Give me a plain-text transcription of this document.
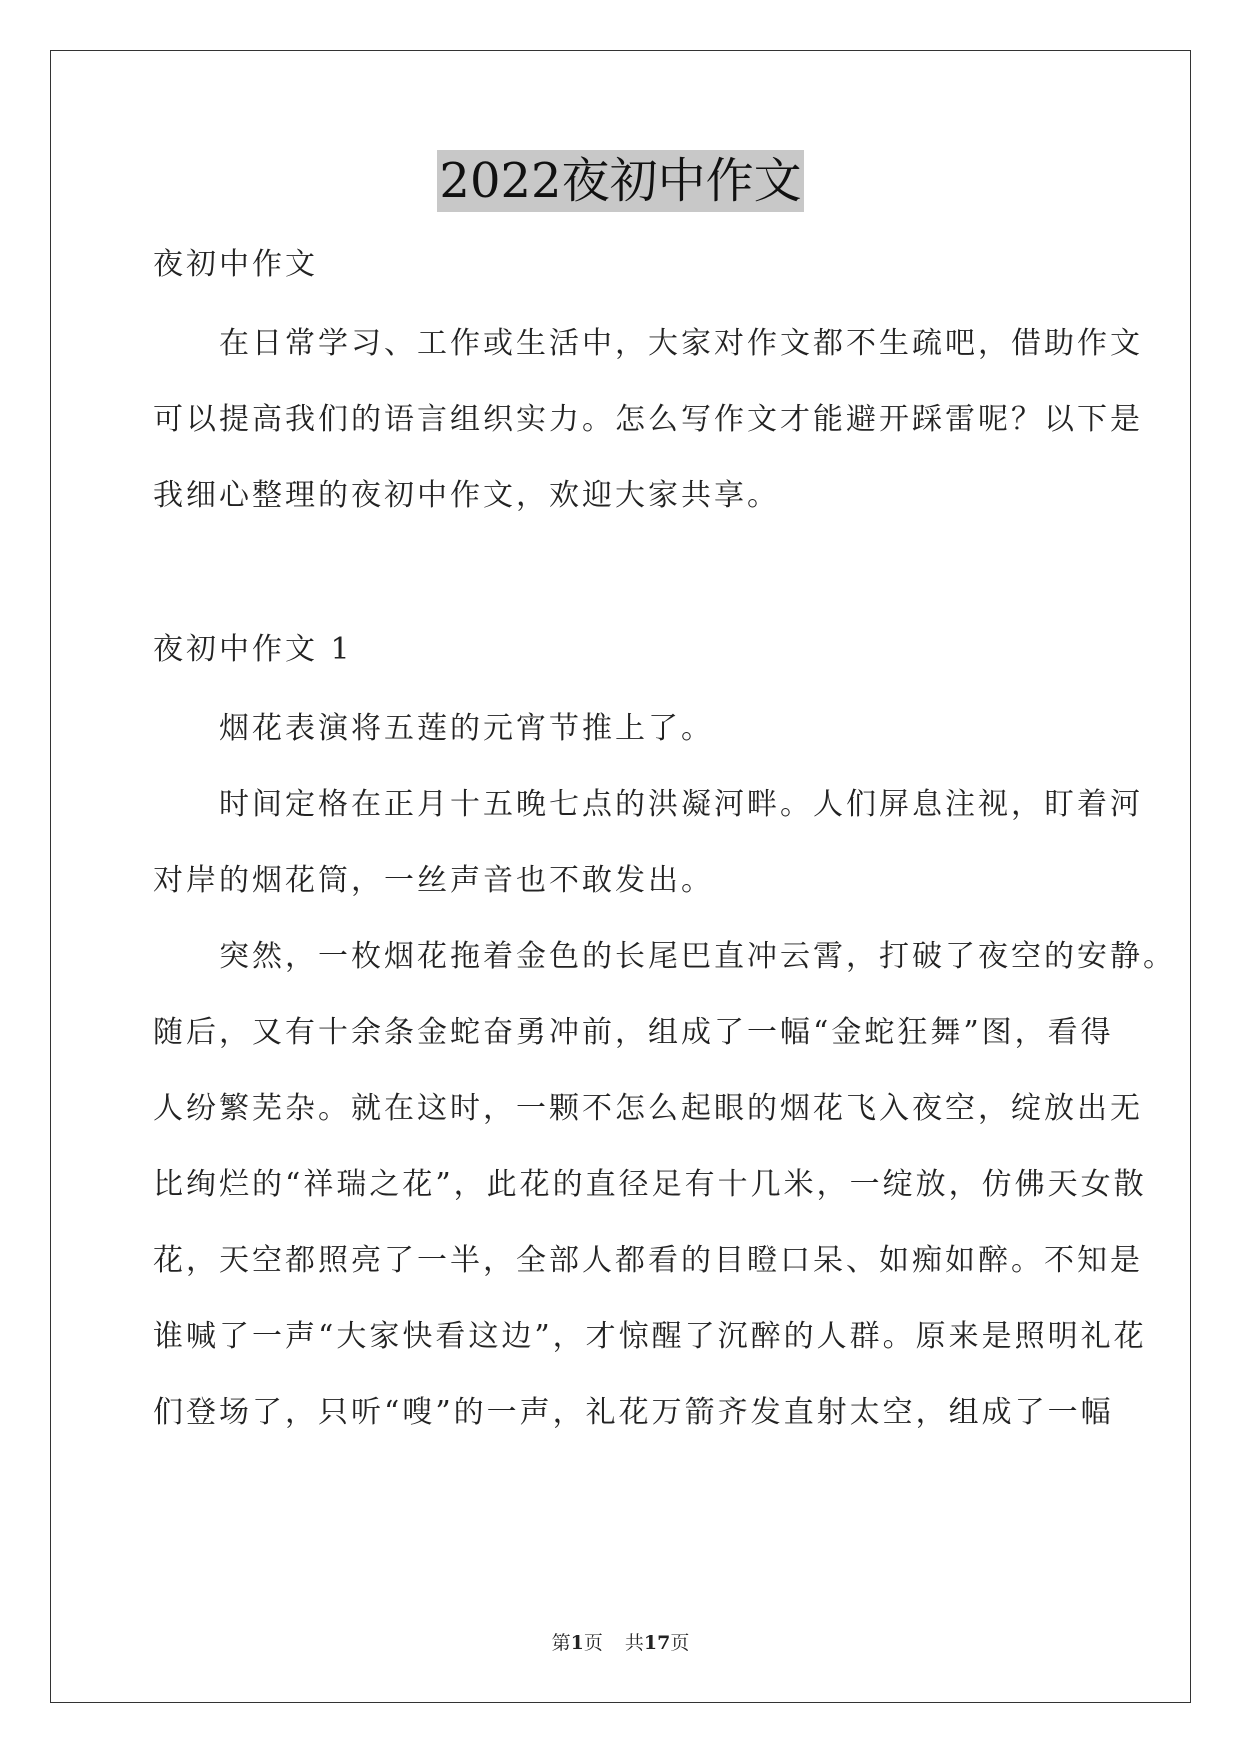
2022夜初中作文
夜初中作文
　　在日常学习、工作或生活中，大家对作文都不生疏吧，借助作文
可以提高我们的语言组织实力。怎么写作文才能避开踩雷呢？以下是
我细心整理的夜初中作文，欢迎大家共享。
夜初中作文 1
　　烟花表演将五莲的元宵节推上了。
　　时间定格在正月十五晚七点的洪凝河畔。人们屏息注视，盯着河
对岸的烟花筒，一丝声音也不敢发出。
　　突然，一枚烟花拖着金色的长尾巴直冲云霄，打破了夜空的安静。
随后，又有十余条金蛇奋勇冲前，组成了一幅“金蛇狂舞”图，看得
人纷繁芜杂。就在这时，一颗不怎么起眼的烟花飞入夜空，绽放出无
比绚烂的“祥瑞之花”，此花的直径足有十几米，一绽放，仿佛天女散
花，天空都照亮了一半，全部人都看的目瞪口呆、如痴如醉。不知是
谁喊了一声“大家快看这边”，才惊醒了沉醉的人群。原来是照明礼花
们登场了，只听“嗖”的一声，礼花万箭齐发直射太空，组成了一幅
第1页 共17页
